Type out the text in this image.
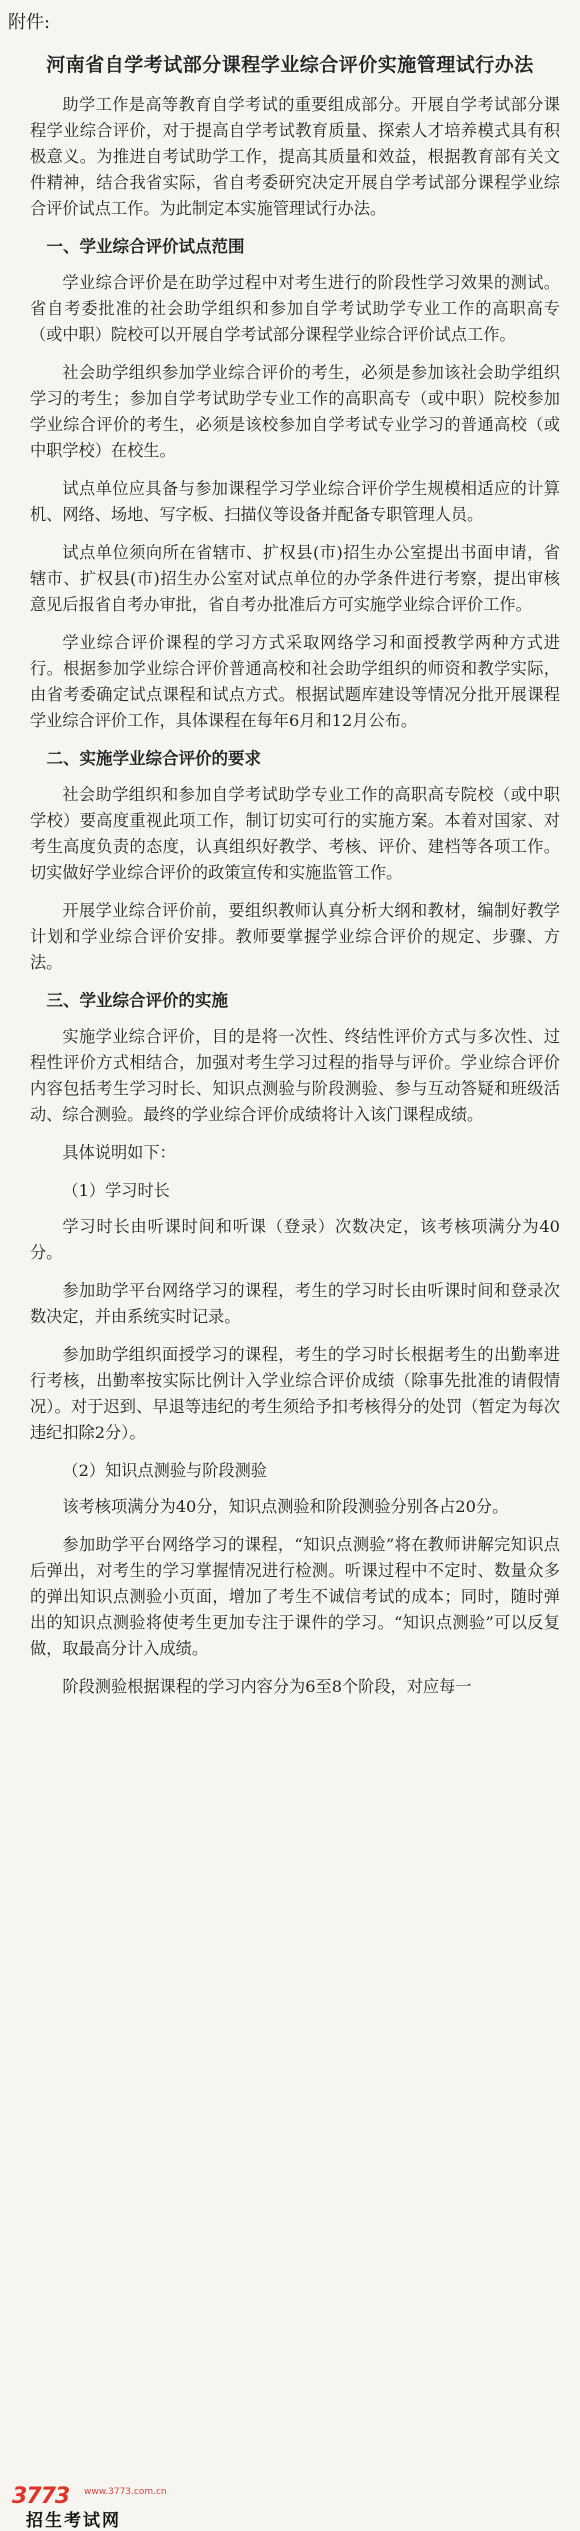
附件:
河南省自学考试部分课程学业综合评价实施管理试行办法

助学工作是高等教育自学考试的重要组成部分。开展自学考试部分课程学业综合评价，对于提高自学考试教育质量、探索人才培养模式具有积极意义。为推进自考试助学工作，提高其质量和效益，根据教育部有关文件精神，结合我省实际，省自考委研究决定开展自学考试部分课程学业综合评价试点工作。为此制定本实施管理试行办法。

一、学业综合评价试点范围

学业综合评价是在助学过程中对考生进行的阶段性学习效果的测试。省自考委批准的社会助学组织和参加自学考试助学专业工作的高职高专（或中职）院校可以开展自学考试部分课程学业综合评价试点工作。

社会助学组织参加学业综合评价的考生，必须是参加该社会助学组织学习的考生；参加自学考试助学专业工作的高职高专（或中职）院校参加学业综合评价的考生，必须是该校参加自学考试专业学习的普通高校（或中职学校）在校生。

试点单位应具备与参加课程学习学业综合评价学生规模相适应的计算机、网络、场地、写字板、扫描仪等设备并配备专职管理人员。

试点单位须向所在省辖市、扩权县(市)招生办公室提出书面申请，省辖市、扩权县(市)招生办公室对试点单位的办学条件进行考察，提出审核意见后报省自考办审批，省自考办批准后方可实施学业综合评价工作。

学业综合评价课程的学习方式采取网络学习和面授教学两种方式进行。根据参加学业综合评价普通高校和社会助学组织的师资和教学实际，由省考委确定试点课程和试点方式。根据试题库建设等情况分批开展课程学业综合评价工作，具体课程在每年6月和12月公布。

二、实施学业综合评价的要求

社会助学组织和参加自学考试助学专业工作的高职高专院校（或中职学校）要高度重视此项工作，制订切实可行的实施方案。本着对国家、对考生高度负责的态度，认真组织好教学、考核、评价、建档等各项工作。切实做好学业综合评价的政策宣传和实施监管工作。

开展学业综合评价前，要组织教师认真分析大纲和教材，编制好教学计划和学业综合评价安排。教师要掌握学业综合评价的规定、步骤、方法。

三、学业综合评价的实施

实施学业综合评价，目的是将一次性、终结性评价方式与多次性、过程性评价方式相结合，加强对考生学习过程的指导与评价。学业综合评价内容包括考生学习时长、知识点测验与阶段测验、参与互动答疑和班级活动、综合测验。最终的学业综合评价成绩将计入该门课程成绩。

具体说明如下：

（1）学习时长

学习时长由听课时间和听课（登录）次数决定，该考核项满分为40分。

参加助学平台网络学习的课程，考生的学习时长由听课时间和登录次数决定，并由系统实时记录。

参加助学组织面授学习的课程，考生的学习时长根据考生的出勤率进行考核，出勤率按实际比例计入学业综合评价成绩（除事先批准的请假情况）。对于迟到、早退等违纪的考生须给予扣考核得分的处罚（暂定为每次违纪扣除2分）。

（2）知识点测验与阶段测验

该考核项满分为40分，知识点测验和阶段测验分别各占20分。

参加助学平台网络学习的课程，“知识点测验”将在教师讲解完知识点后弹出，对考生的学习掌握情况进行检测。听课过程中不定时、数量众多的弹出知识点测验小页面，增加了考生不诚信考试的成本；同时，随时弹出的知识点测验将使考生更加专注于课件的学习。“知识点测验”可以反复做，取最高分计入成绩。

阶段测验根据课程的学习内容分为6至8个阶段，对应每一

3773 www.3773.com.cn
招生考试网
